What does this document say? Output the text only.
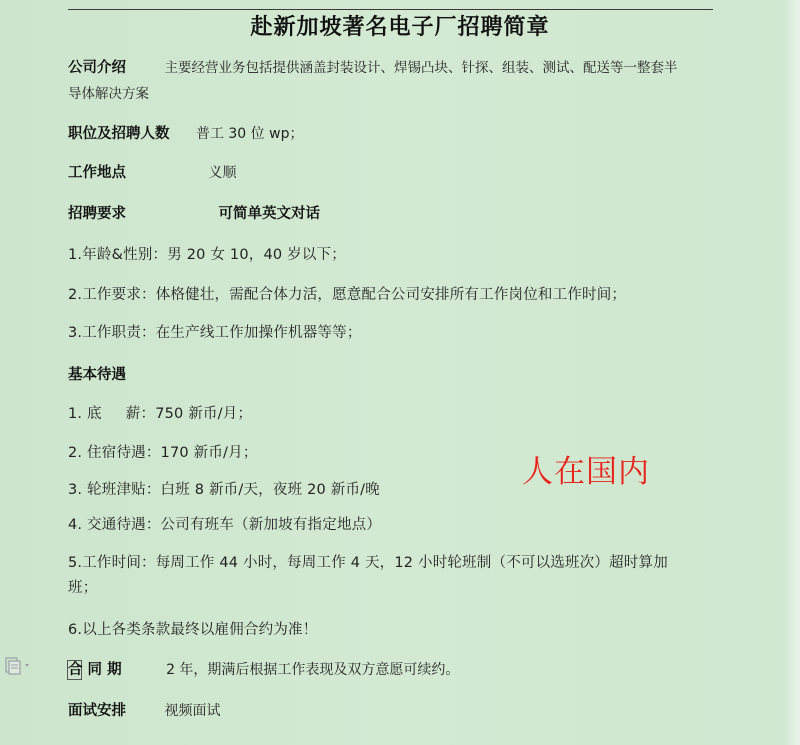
赴新加坡著名电子厂招聘简章
公司介绍	主要经营业务包括提供涵盖封装设计、焊锡凸块、针探、组装、测试、配送等一整套半
导体解决方案
职位及招聘人数 普工 30 位 wp；
工作地点	义顺
招聘要求	可简单英文对话
1.年龄&性别：男 20 女 10，40 岁以下；
2.工作要求：体格健壮，需配合体力活，愿意配合公司安排所有工作岗位和工作时间；
3.工作职责：在生产线工作加操作机器等等；
基本待遇
1. 底     薪：750 新币/月；
2. 住宿待遇：170 新币/月；
3. 轮班津贴：白班 8 新币/天，夜班 20 新币/晚
4. 交通待遇：公司有班车（新加坡有指定地点）
5.工作时间：每周工作 44 小时，每周工作 4 天，12 小时轮班制（不可以选班次）超时算加
班；
6.以上各类条款最终以雇佣合约为准！
合 同 期	2 年，期满后根据工作表现及双方意愿可续约。
面试安排	视频面试
人在国内
